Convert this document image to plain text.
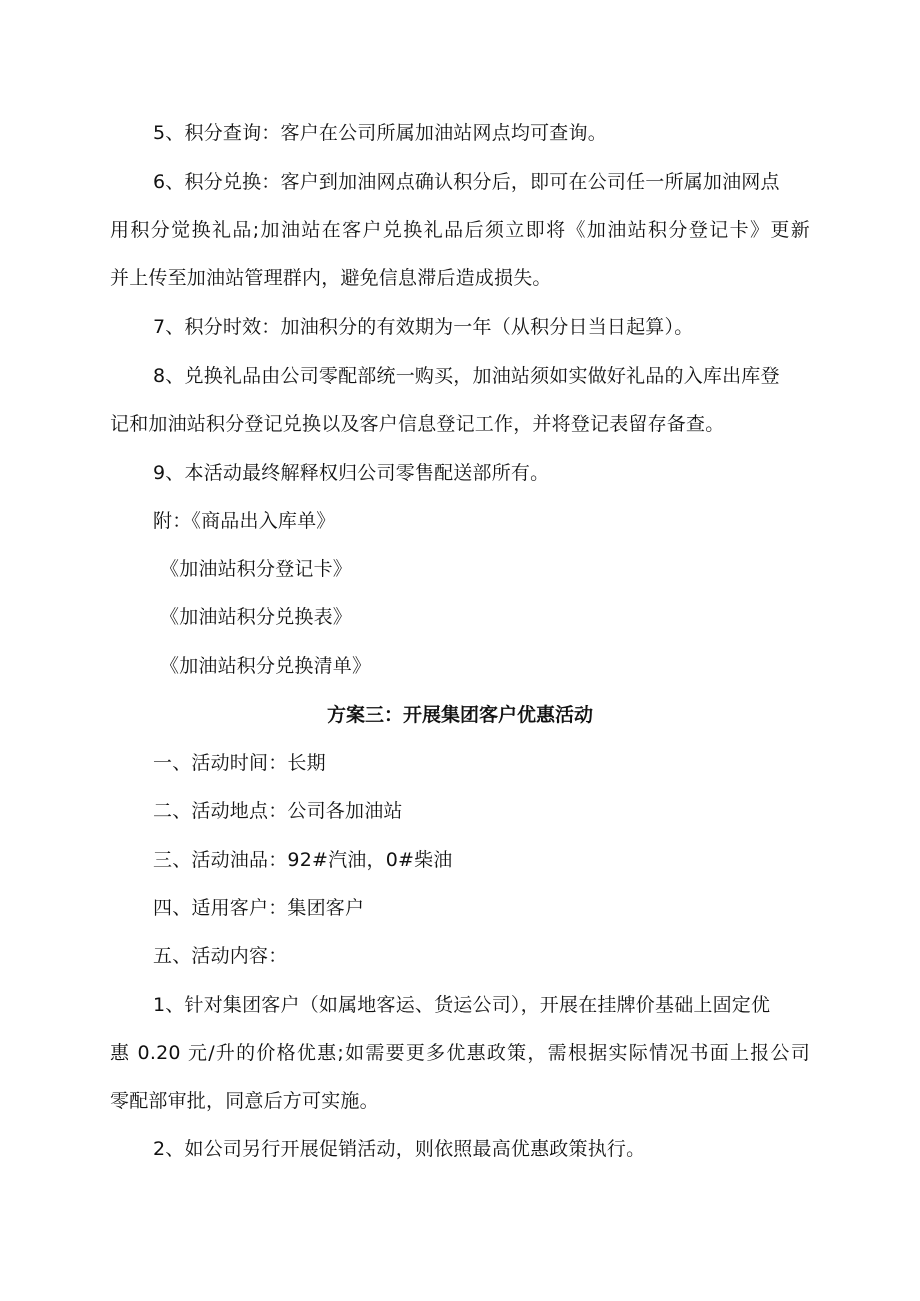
5、积分查询：客户在公司所属加油站网点均可查询。
6、积分兑换：客户到加油网点确认积分后，即可在公司任一所属加油网点
用积分觉换礼品;加油站在客户兑换礼品后须立即将《加油站积分登记卡》更新
并上传至加油站管理群内，避免信息滞后造成损失。
7、积分时效：加油积分的有效期为一年（从积分日当日起算）。
8、兑换礼品由公司零配部统一购买，加油站须如实做好礼品的入库出库登
记和加油站积分登记兑换以及客户信息登记工作，并将登记表留存备查。
9、本活动最终解释权归公司零售配送部所有。
附：《商品出入库单》
《加油站积分登记卡》
《加油站积分兑换表》
《加油站积分兑换清单》
方案三：开展集团客户优惠活动
一、活动时间：长期
二、活动地点：公司各加油站
三、活动油品：92#汽油，0#柴油
四、适用客户：集团客户
五、活动内容：
1、针对集团客户（如属地客运、货运公司），开展在挂牌价基础上固定优
惠 0.20 元/升的价格优惠;如需要更多优惠政策，需根据实际情况书面上报公司
零配部审批，同意后方可实施。
2、如公司另行开展促销活动，则依照最高优惠政策执行。
